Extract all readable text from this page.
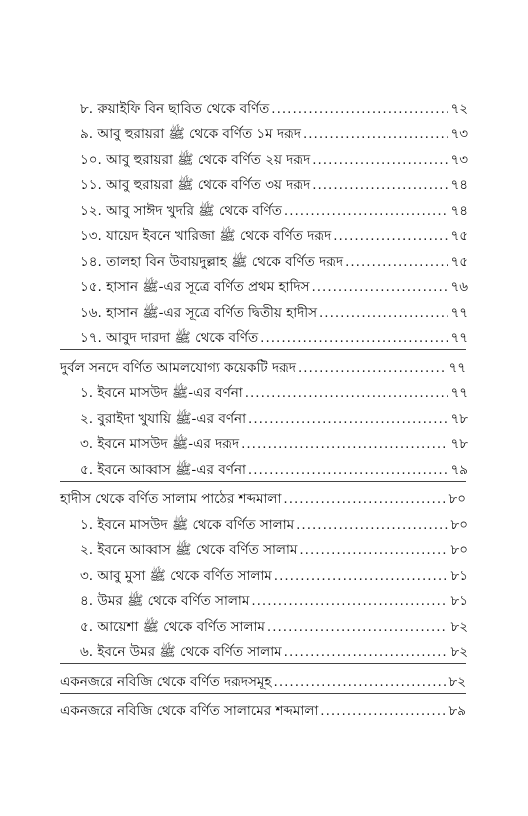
৮. রুয়াইফি বিন ছাবিত থেকে বর্ণিত .....	৭২
৯. আবু হুরায়রা ﷺ থেকে বর্ণিত ১ম দরূদ .....	৭৩
১০. আবু হুরায়রা ﷺ থেকে বর্ণিত ২য় দরূদ .....	৭৩
১১. আবু হুরায়রা ﷺ থেকে বর্ণিত ৩য় দরূদ .....	৭৪
১২. আবু সাঈদ খুদরি ﷺ থেকে বর্ণিত .....	৭৪
১৩. যায়েদ ইবনে খারিজা ﷺ থেকে বর্ণিত দরূদ .....	৭৫
১৪. তালহা বিন উবায়দুল্লাহ ﷺ থেকে বর্ণিত দরূদ .....	৭৫
১৫. হাসান ﷺ-এর সূত্রে বর্ণিত প্রথম হাদিস .....	৭৬
১৬. হাসান ﷺ-এর সূত্রে বর্ণিত দ্বিতীয় হাদীস .....	৭৭
১৭. আবুদ দারদা ﷺ থেকে বর্ণিত .....	৭৭
দুর্বল সনদে বর্ণিত আমলযোগ্য কয়েকটি দরূদ .....	৭৭
১. ইবনে মাসউদ ﷺ-এর বর্ণনা .....	৭৭
২. বুরাইদা খুযায়ি ﷺ-এর বর্ণনা .....	৭৮
৩. ইবনে মাসউদ ﷺ-এর দরূদ .....	৭৮
৫. ইবনে আব্বাস ﷺ-এর বর্ণনা .....	৭৯
হাদীস থেকে বর্ণিত সালাম পাঠের শব্দমালা .....	৮০
১. ইবনে মাসউদ ﷺ থেকে বর্ণিত সালাম .....	৮০
২. ইবনে আব্বাস ﷺ থেকে বর্ণিত সালাম .....	৮০
৩. আবু মুসা ﷺ থেকে বর্ণিত সালাম .....	৮১
৪. উমর ﷺ থেকে বর্ণিত সালাম .....	৮১
৫. আয়েশা ﷺ থেকে বর্ণিত সালাম .....	৮২
৬. ইবনে উমর ﷺ থেকে বর্ণিত সালাম .....	৮২
একনজরে নবিজি থেকে বর্ণিত দরূদসমূহ .....	৮২
একনজরে নবিজি থেকে বর্ণিত সালামের শব্দমালা .....	৮৯
